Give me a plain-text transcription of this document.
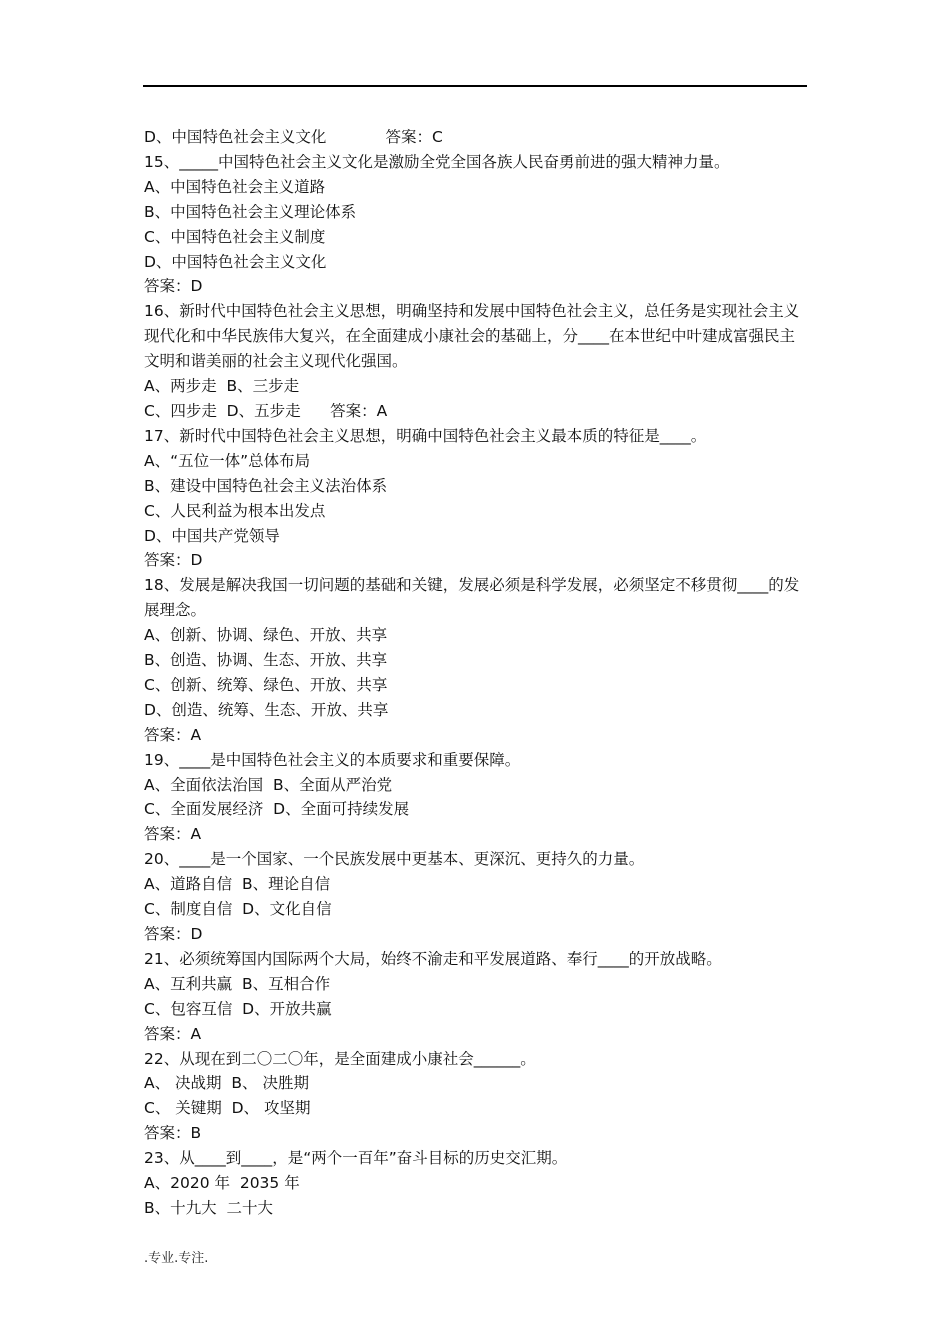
D、中国特色社会主义文化            答案：C
15、_____中国特色社会主义文化是激励全党全国各族人民奋勇前进的强大精神力量。
A、中国特色社会主义道路
B、中国特色社会主义理论体系
C、中国特色社会主义制度
D、中国特色社会主义文化
答案：D
16、新时代中国特色社会主义思想，明确坚持和发展中国特色社会主义，总任务是实现社会主义现代化和中华民族伟大复兴，在全面建成小康社会的基础上，分____在本世纪中叶建成富强民主文明和谐美丽的社会主义现代化强国。
A、两步走  B、三步走
C、四步走  D、五步走      答案：A
17、新时代中国特色社会主义思想，明确中国特色社会主义最本质的特征是____。
A、“五位一体”总体布局
B、建设中国特色社会主义法治体系
C、人民利益为根本出发点
D、中国共产党领导
答案：D
18、发展是解决我国一切问题的基础和关键，发展必须是科学发展，必须坚定不移贯彻____的发展理念。
A、创新、协调、绿色、开放、共享
B、创造、协调、生态、开放、共享
C、创新、统筹、绿色、开放、共享
D、创造、统筹、生态、开放、共享
答案：A
19、____是中国特色社会主义的本质要求和重要保障。
A、全面依法治国  B、全面从严治党
C、全面发展经济  D、全面可持续发展
答案：A
20、____是一个国家、一个民族发展中更基本、更深沉、更持久的力量。
A、道路自信  B、理论自信
C、制度自信  D、文化自信
答案：D
21、必须统筹国内国际两个大局，始终不渝走和平发展道路、奉行____的开放战略。
A、互利共赢  B、互相合作
C、包容互信  D、开放共赢
答案：A
22、从现在到二〇二〇年，是全面建成小康社会______。
A、 决战期  B、 决胜期
C、 关键期  D、 攻坚期
答案：B
23、从____到____，是“两个一百年”奋斗目标的历史交汇期。
A、2020 年  2035 年
B、十九大  二十大
.专业.专注.
